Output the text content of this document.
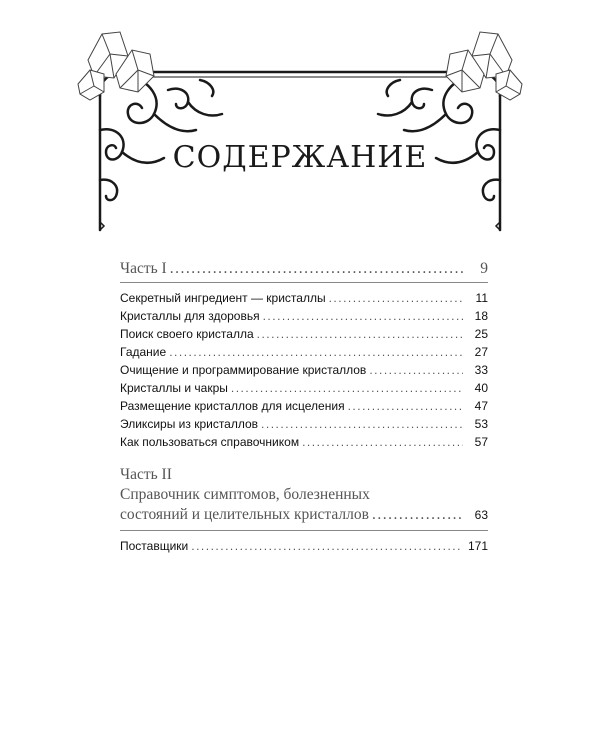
СОДЕРЖАНИЕ
Часть I .....	9
Секретный ингредиент — кристаллы .....	11
Кристаллы для здоровья .....	18
Поиск своего кристалла .....	25
Гадание .....	27
Очищение и программирование кристаллов .....	33
Кристаллы и чакры .....	40
Размещение кристаллов для исцеления .....	47
Эликсиры из кристаллов .....	53
Как пользоваться справочником .....	57
Часть II
Справочник симптомов, болезненных
состояний и целительных кристаллов .....	63
Поставщики .....	171
